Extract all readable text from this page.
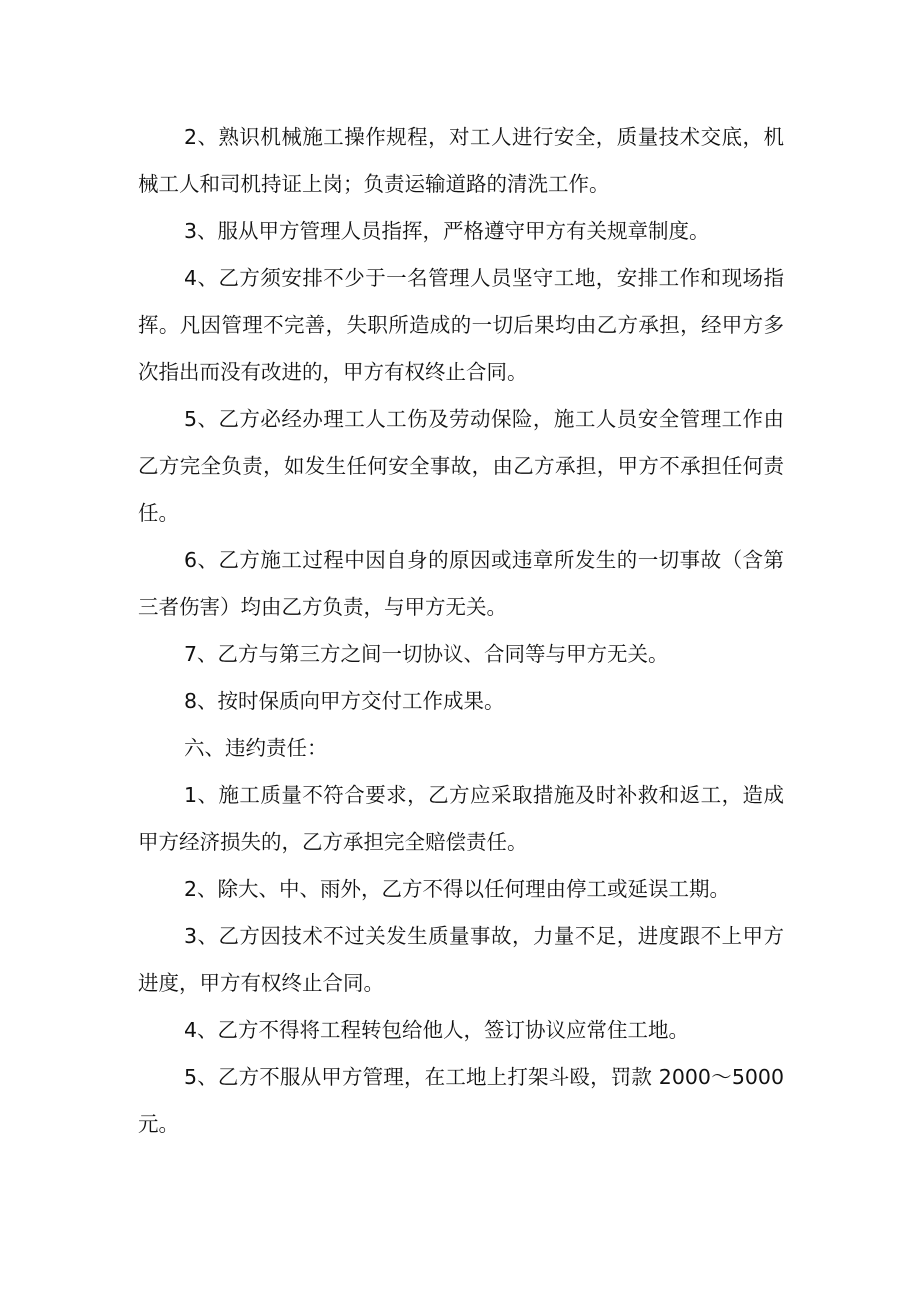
2、熟识机械施工操作规程，对工人进行安全，质量技术交底，机械工人和司机持证上岗；负责运输道路的清洗工作。

3、服从甲方管理人员指挥，严格遵守甲方有关规章制度。

4、乙方须安排不少于一名管理人员坚守工地，安排工作和现场指挥。凡因管理不完善，失职所造成的一切后果均由乙方承担，经甲方多次指出而没有改进的，甲方有权终止合同。

5、乙方必经办理工人工伤及劳动保险，施工人员安全管理工作由乙方完全负责，如发生任何安全事故，由乙方承担，甲方不承担任何责任。

6、乙方施工过程中因自身的原因或违章所发生的一切事故（含第三者伤害）均由乙方负责，与甲方无关。

7、乙方与第三方之间一切协议、合同等与甲方无关。

8、按时保质向甲方交付工作成果。

六、违约责任：

1、施工质量不符合要求，乙方应采取措施及时补救和返工，造成甲方经济损失的，乙方承担完全赔偿责任。

2、除大、中、雨外，乙方不得以任何理由停工或延误工期。

3、乙方因技术不过关发生质量事故，力量不足，进度跟不上甲方进度，甲方有权终止合同。

4、乙方不得将工程转包给他人，签订协议应常住工地。

5、乙方不服从甲方管理，在工地上打架斗殴，罚款 2000～5000元。
